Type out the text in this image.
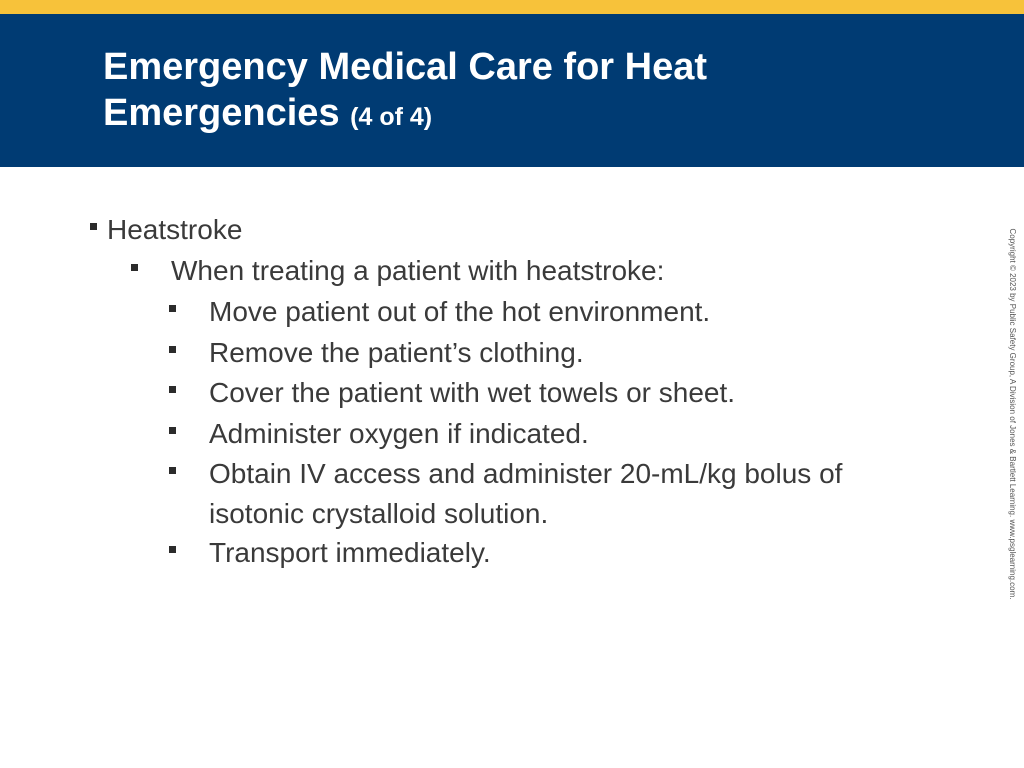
Emergency Medical Care for Heat Emergencies (4 of 4)
Heatstroke
When treating a patient with heatstroke:
Move patient out of the hot environment.
Remove the patient’s clothing.
Cover the patient with wet towels or sheet.
Administer oxygen if indicated.
Obtain IV access and administer 20-mL/kg bolus of isotonic crystalloid solution.
Transport immediately.	Copyright © 2023 by Public Safety Group, A Division of Jones & Bartlett Learning. www.psglearning.com.
